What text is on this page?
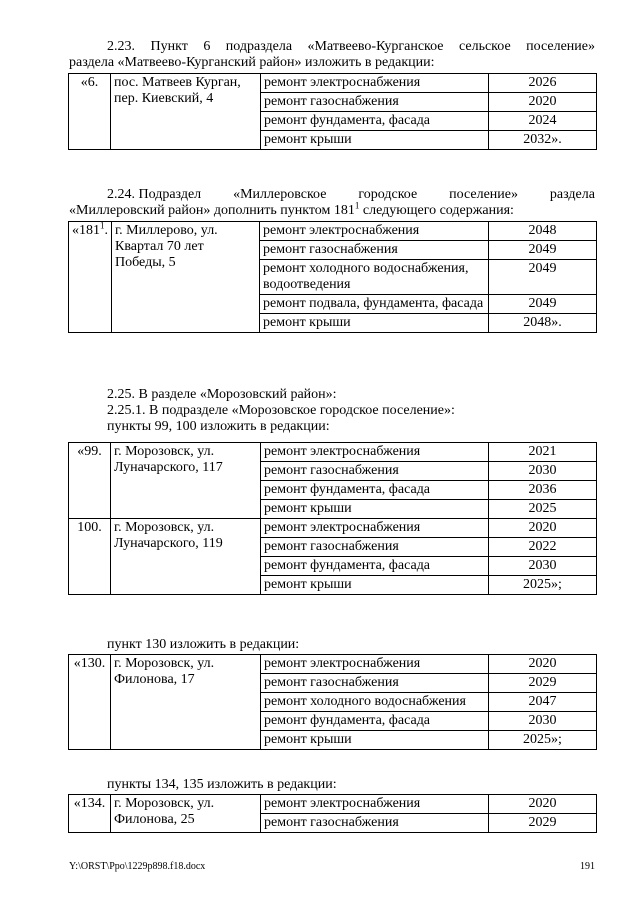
2.23. Пункт 6 подраздела «Матвеево-Курганское сельское поселение»
раздела «Матвеево-Курганский район» изложить в редакции:
«6.	пос. Матвеев Курган, пер. Киевский, 4	ремонт электроснабжения	2026
		ремонт газоснабжения	2020
		ремонт фундамента, фасада	2024
		ремонт крыши	2032».
2.24. Подраздел «Миллеровское городское поселение» раздела
«Миллеровский район» дополнить пунктом $181^1$ следующего содержания:
«$181^1$.	г. Миллерово, ул. Квартал 70 лет Победы, 5	ремонт электроснабжения	2048
		ремонт газоснабжения	2049
		ремонт холодного водоснабжения, водоотведения	2049
		ремонт подвала, фундамента, фасада	2049
		ремонт крыши	2048».
2.25. В разделе «Морозовский район»:
2.25.1. В подразделе «Морозовское городское поселение»:
пункты 99, 100 изложить в редакции:
«99.	г. Морозовск, ул. Луначарского, 117	ремонт электроснабжения	2021
		ремонт газоснабжения	2030
		ремонт фундамента, фасада	2036
		ремонт крыши	2025
100.	г. Морозовск, ул. Луначарского, 119	ремонт электроснабжения	2020
		ремонт газоснабжения	2022
		ремонт фундамента, фасада	2030
		ремонт крыши	2025»;
пункт 130 изложить в редакции:
«130.	г. Морозовск, ул. Филонова, 17	ремонт электроснабжения	2020
		ремонт газоснабжения	2029
		ремонт холодного водоснабжения	2047
		ремонт фундамента, фасада	2030
		ремонт крыши	2025»;
пункты 134, 135 изложить в редакции:
«134.	г. Морозовск, ул. Филонова, 25	ремонт электроснабжения	2020
		ремонт газоснабжения	2029
Y:\ORST\Ppo\1229p898.f18.docx	191
